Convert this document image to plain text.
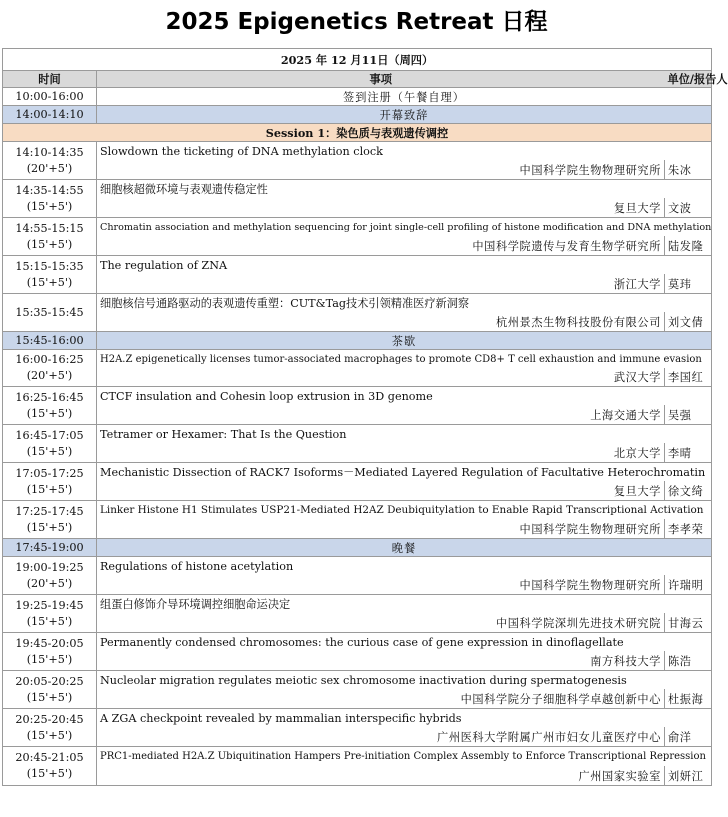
2025 Epigenetics Retreat 日程
2025 年 12 月11日（周四）		
时间	事项	单位/报告人
10:00-16:00	签到注册（午餐自理）	
14:00-14:10	开幕致辞	
Session 1：染色质与表观遗传调控		

14:10-14:35
(20'+5')	Slowdown the ticketing of DNA methylation clock	
	中国科学院生物物理研究所	朱冰

14:35-14:55
(15'+5')	细胞核超微环境与表观遗传稳定性	
	复旦大学	文波

14:55-15:15
(15'+5')	Chromatin association and methylation sequencing for joint single-cell profiling of histone modification and DNA methylation	
	中国科学院遗传与发育生物学研究所	陆发隆

15:15-15:35
(15'+5')	The regulation of ZNA	
	浙江大学	莫玮

15:35-15:45	细胞核信号通路驱动的表观遗传重塑：CUT&Tag技术引领精准医疗新洞察	
	杭州景杰生物科技股份有限公司	刘文倩
15:45-16:00	茶歇	

16:00-16:25
(20'+5')	H2A.Z epigenetically licenses tumor-associated macrophages to promote CD8+ T cell exhaustion and immune evasion	
	武汉大学	李国红

16:25-16:45
(15'+5')	CTCF insulation and Cohesin loop extrusion in 3D genome	
	上海交通大学	吴强

16:45-17:05
(15'+5')	Tetramer or Hexamer: That Is the Question	
	北京大学	李晴

17:05-17:25
(15'+5')	Mechanistic Dissection of RACK7 Isoforms－Mediated Layered Regulation of Facultative Heterochromatin	
	复旦大学	徐文绮

17:25-17:45
(15'+5')	Linker Histone H1 Stimulates USP21-Mediated H2AZ Deubiquitylation to Enable Rapid Transcriptional Activation	
	中国科学院生物物理研究所	李孝荣
17:45-19:00	晚餐	

19:00-19:25
(20'+5')	Regulations of histone acetylation	
	中国科学院生物物理研究所	许瑞明

19:25-19:45
(15'+5')	组蛋白修饰介导环境调控细胞命运决定	
	中国科学院深圳先进技术研究院	甘海云

19:45-20:05
(15'+5')	Permanently condensed chromosomes: the curious case of gene expression in dinoflagellate	
	南方科技大学	陈浩

20:05-20:25
(15'+5')	Nucleolar migration regulates meiotic sex chromosome inactivation during spermatogenesis	
	中国科学院分子细胞科学卓越创新中心	杜振海

20:25-20:45
(15'+5')	A ZGA checkpoint revealed by mammalian interspecific hybrids	
	广州医科大学附属广州市妇女儿童医疗中心	俞洋

20:45-21:05
(15'+5')	PRC1-mediated H2A.Z Ubiquitination Hampers Pre-initiation Complex Assembly to Enforce Transcriptional Repression	
	广州国家实验室	刘妍江
